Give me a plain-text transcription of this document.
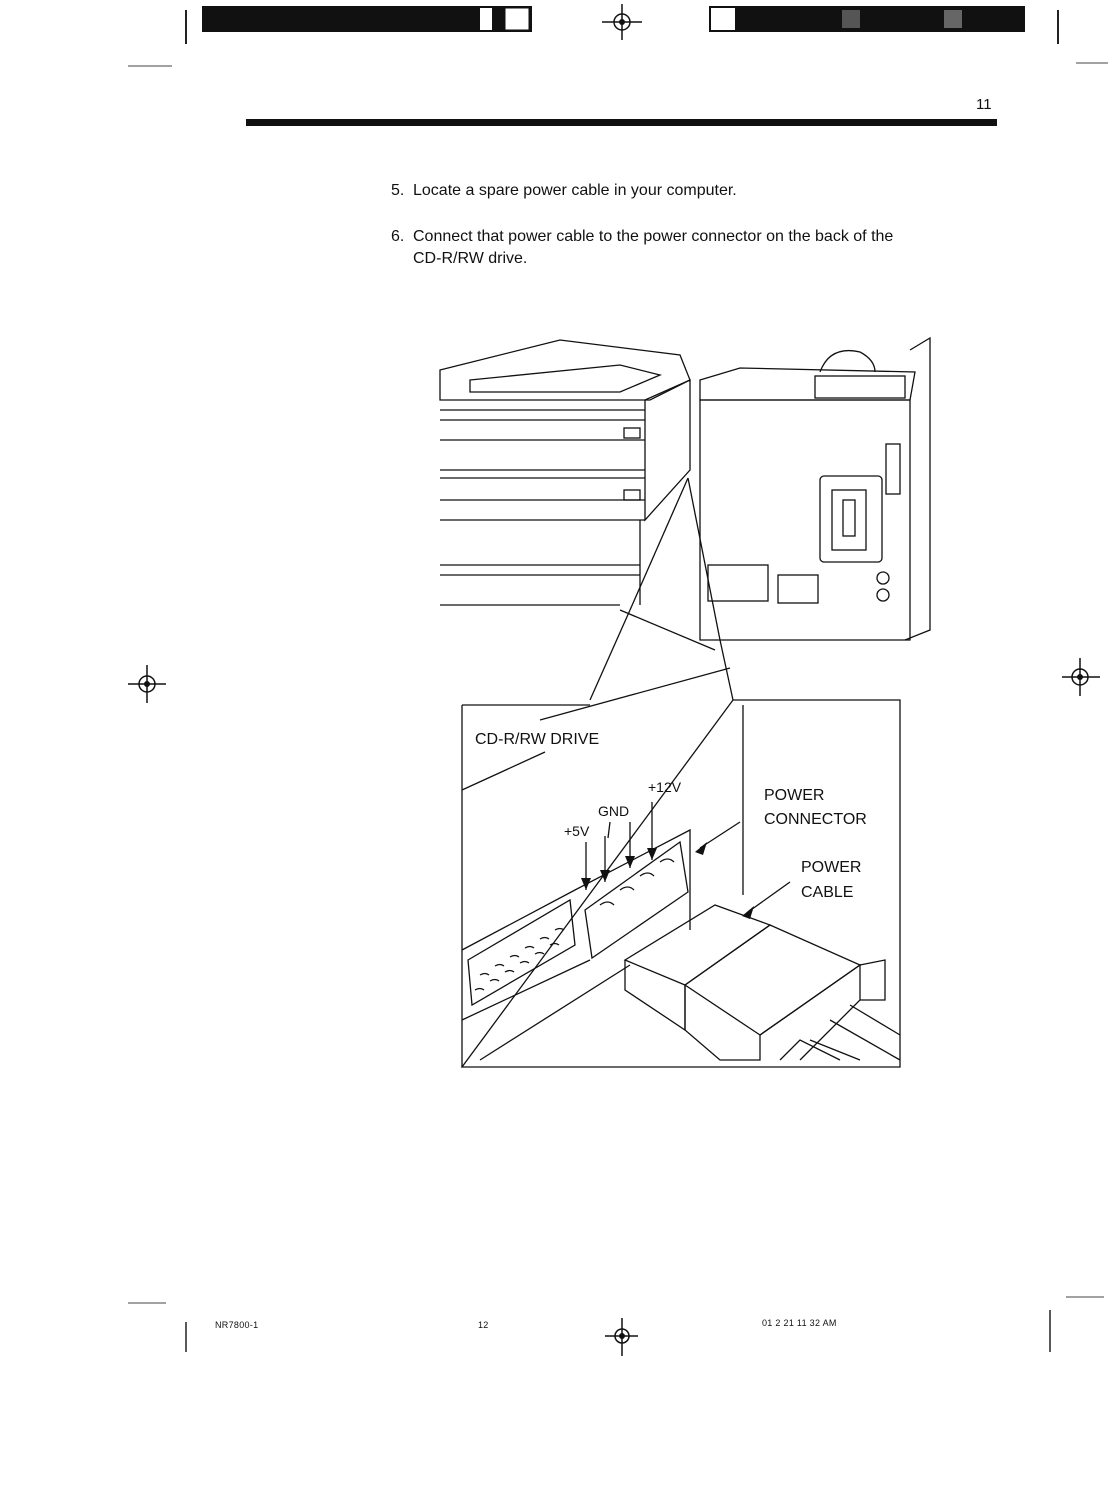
11
5. Locate a spare power cable in your computer.
6. Connect that power cable to the power connector on the back of the
CD-R/RW drive.
CD-R/RW DRIVE
+12V
GND
+5V
POWER
CONNECTOR
POWER
CABLE
NR7800-1	12	01 2 21 11 32 AM
